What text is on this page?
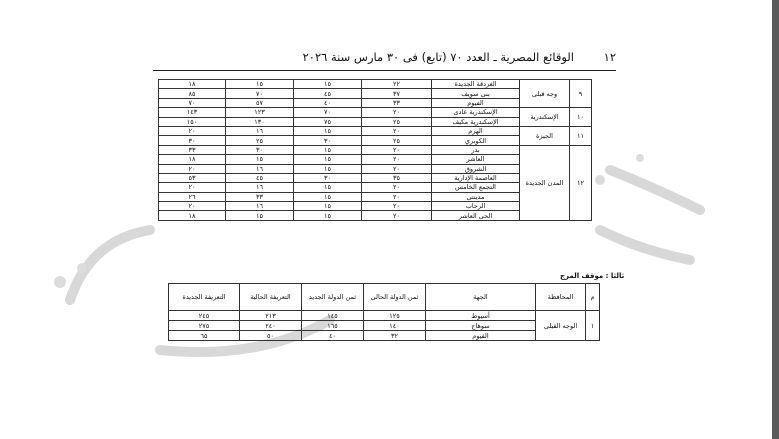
١٢
الوقائع المصرية ـ العدد ٧٠ (تابع) فى ٣٠ مارس سنة ٢٠٢٦
٩	وجه قبلى	الغردقة الجديدة	٢٢	١٥	١٥	١٨
		بنى سويف	٣٧	٤٥	٧٠	٨٥
		الفيوم	٣٣	٤٠	٥٧	٧٠
١٠	الإسكندرية	الإسكندرية عادى	٢٠	٧٠	١٢٣	١٤٣
		الإسكندرية مكيف	٢٥	٧٥	١٣٠	١٥٠
١١	الجيزة	الهرم	٢٠	١٥	١٦	٢٠
		الكوبري	٢٥	٣٠	٢٥	٣٠
١٢	المدن الجديدة	بدر	٢٠	١٥	٣٠	٣٣
		العاشر	٢٠	١٥	١٥	١٨
		الشروق	٢٠	١٥	١٦	٢٠
		العاصمة الإدارية	٣٥	٣٠	٤٥	٥٣
		التجمع الخامس	٢٠	١٥	١٦	٢٠
		مدينتى	٢٠	١٥	٣٣	٢٦
		الرحاب	٢٠	١٥	١٦	٢٠
		الحى العاشر	٢٠	١٥	١٥	١٨
ثالثا : موقف المرج
م	المحافظة	الجهة	ثمن الدولة الحالى	ثمن الدولة الجديد	التعريفة الحالية	التعريفة الجديدة
١	الوجه القبلى	أسيوط	١٢٥	١٤٥	٢١٣	٢٤٥
		سوهاج	١٤٠	١٦٥	٢٤٠	٢٧٥
		الفيوم	٣٢	٤٠	٥٠	٦٥
